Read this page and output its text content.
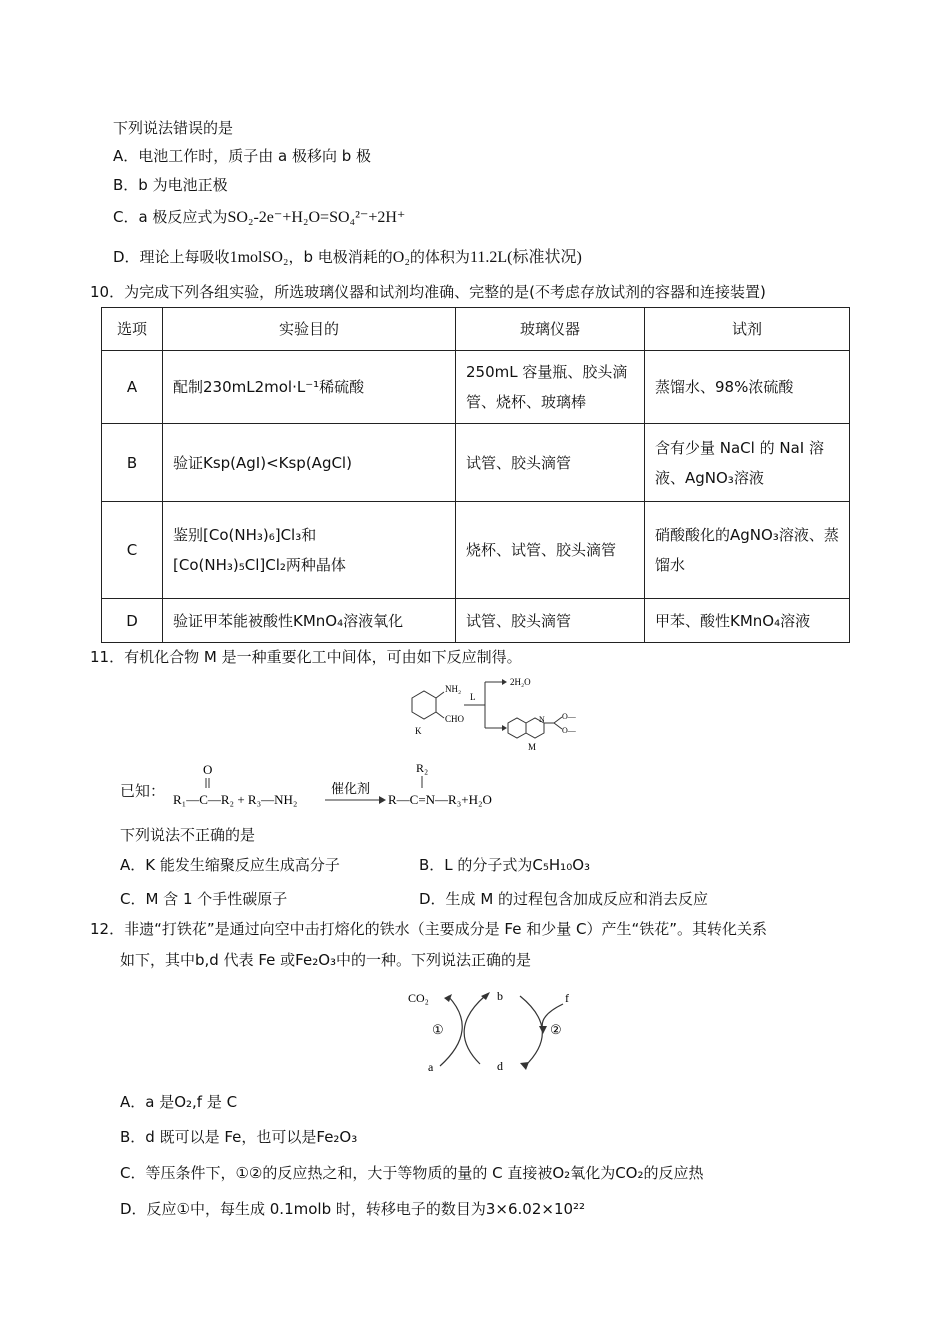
下列说法错误的是
A．电池工作时，质子由 a 极移向 b 极
B．b 为电池正极
C．a 极反应式为SO₂-2e⁻+H₂O=SO₄²⁻+2H⁺
D．理论上每吸收1molSO₂，b 电极消耗的O₂的体积为11.2L(标准状况)
10．为完成下列各组实验，所选玻璃仪器和试剂均准确、完整的是(不考虑存放试剂的容器和连接装置)
选项	实验目的	玻璃仪器	试剂
A	配制230mL2mol·L⁻¹稀硫酸	250mL 容量瓶、胶头滴管、烧杯、玻璃棒	蒸馏水、98%浓硫酸
B	验证Ksp(AgI)<Ksp(AgCl)	试管、胶头滴管	含有少量 NaCl 的 NaI 溶液、AgNO₃溶液
C	鉴别[Co(NH₃)₆]Cl₃和
[Co(NH₃)₅Cl]Cl₂两种晶体	烧杯、试管、胶头滴管	硝酸酸化的AgNO₃溶液、蒸馏水
D	验证甲苯能被酸性KMnO₄溶液氧化	试管、胶头滴管	甲苯、酸性KMnO₄溶液
11．有机化合物 M 是一种重要化工中间体，可由如下反应制得。
NH₂
CHO
K
L
2H₂O
N O—
O—
M
已知：
O
R₁—C—R₂ + R₃—NH₂
催化剂
R₂
R—C=N—R₃+H₂O
下列说法不正确的是
A．K 能发生缩聚反应生成高分子	B．L 的分子式为C₅H₁₀O₃
C．M 含 1 个手性碳原子	D．生成 M 的过程包含加成反应和消去反应
12．非遗“打铁花”是通过向空中击打熔化的铁水（主要成分是 Fe 和少量 C）产生“铁花”。其转化关系
如下，其中b,d 代表 Fe 或Fe₂O₃中的一种。下列说法正确的是
CO₂	b	f
①	②
a	d
A．a 是O₂,f 是 C
B．d 既可以是 Fe，也可以是Fe₂O₃
C．等压条件下，①②的反应热之和，大于等物质的量的 C 直接被O₂氧化为CO₂的反应热
D．反应①中，每生成 0.1molb 时，转移电子的数目为3×6.02×10²²
